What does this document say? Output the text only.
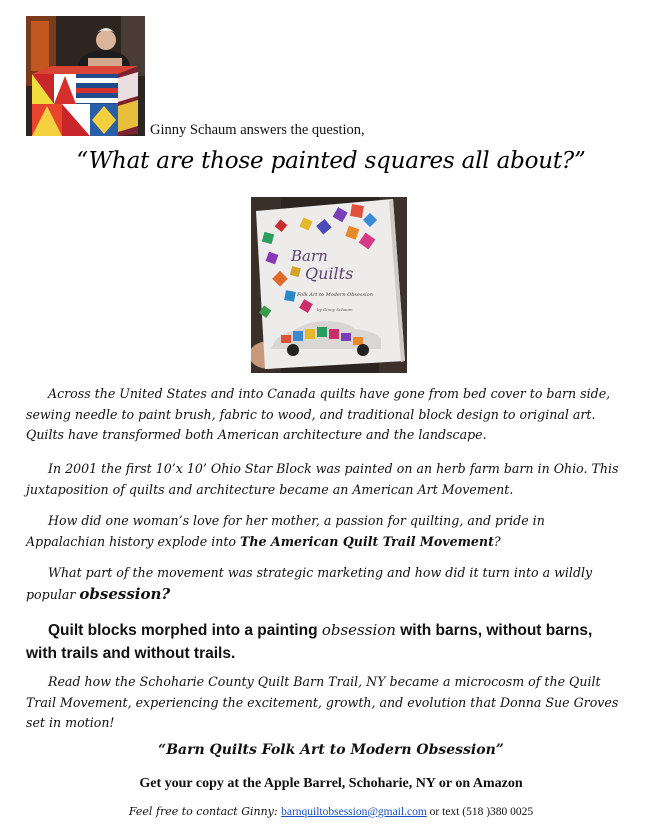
Ginny Schaum answers the question,
“What are those painted squares all about?”
Barn
Quilts
Folk Art to Modern Obsession
by Ginny Schaum

Across the United States and into Canada quilts have gone from bed cover to barn side, sewing needle to paint brush, fabric to wood, and traditional block design to original art. Quilts have transformed both American architecture and the landscape.

In 2001 the first 10’x 10’ Ohio Star Block was painted on an herb farm barn in Ohio. This juxtaposition of quilts and architecture became an American Art Movement.

How did one woman’s love for her mother, a passion for quilting, and pride in Appalachian history explode into The American Quilt Trail Movement?

What part of the movement was strategic marketing and how did it turn into a wildly popular obsession?

Quilt blocks morphed into a painting obsession with barns, without barns, with trails and without trails.

Read how the Schoharie County Quilt Barn Trail, NY became a microcosm of the Quilt Trail Movement, experiencing the excitement, growth, and evolution that Donna Sue Groves set in motion!

“Barn Quilts Folk Art to Modern Obsession”
Get your copy at the Apple Barrel, Schoharie, NY or on Amazon
Feel free to contact Ginny: barnquiltobsession@gmail.com or text (518 )380 0025
